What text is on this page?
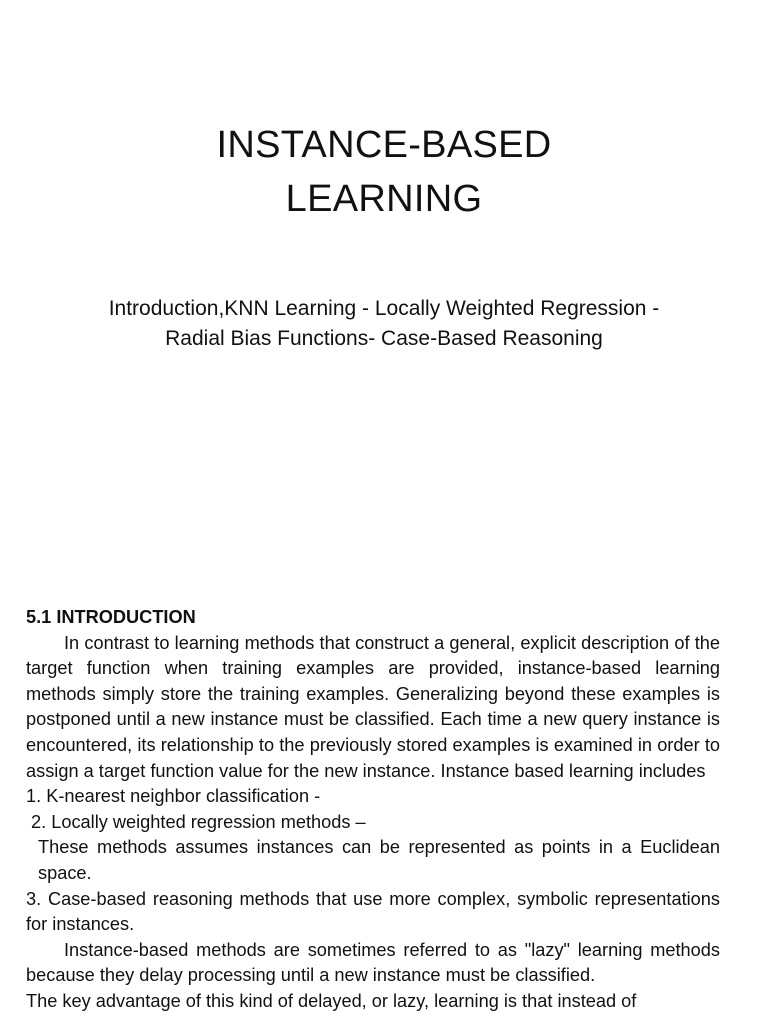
INSTANCE-BASED
LEARNING
Introduction,KNN Learning - Locally Weighted Regression -
Radial Bias Functions- Case-Based Reasoning

5.1 INTRODUCTION

In contrast to learning methods that construct a general, explicit description of the target function when training examples are provided, instance-based learning methods simply store the training examples. Generalizing beyond these examples is postponed until a new instance must be classified. Each time a new query instance is encountered, its relationship to the previously stored examples is examined in order to assign a target function value for the new instance. Instance based learning includes

1. K-nearest neighbor classification -

2. Locally weighted regression methods –

These methods assumes instances can be represented as points in a Euclidean space.

3. Case-based reasoning methods that use more complex, symbolic representations for instances.

Instance-based methods are sometimes referred to as "lazy" learning methods because they delay processing until a new instance must be classified.

The key advantage of this kind of delayed, or lazy, learning is that instead of
